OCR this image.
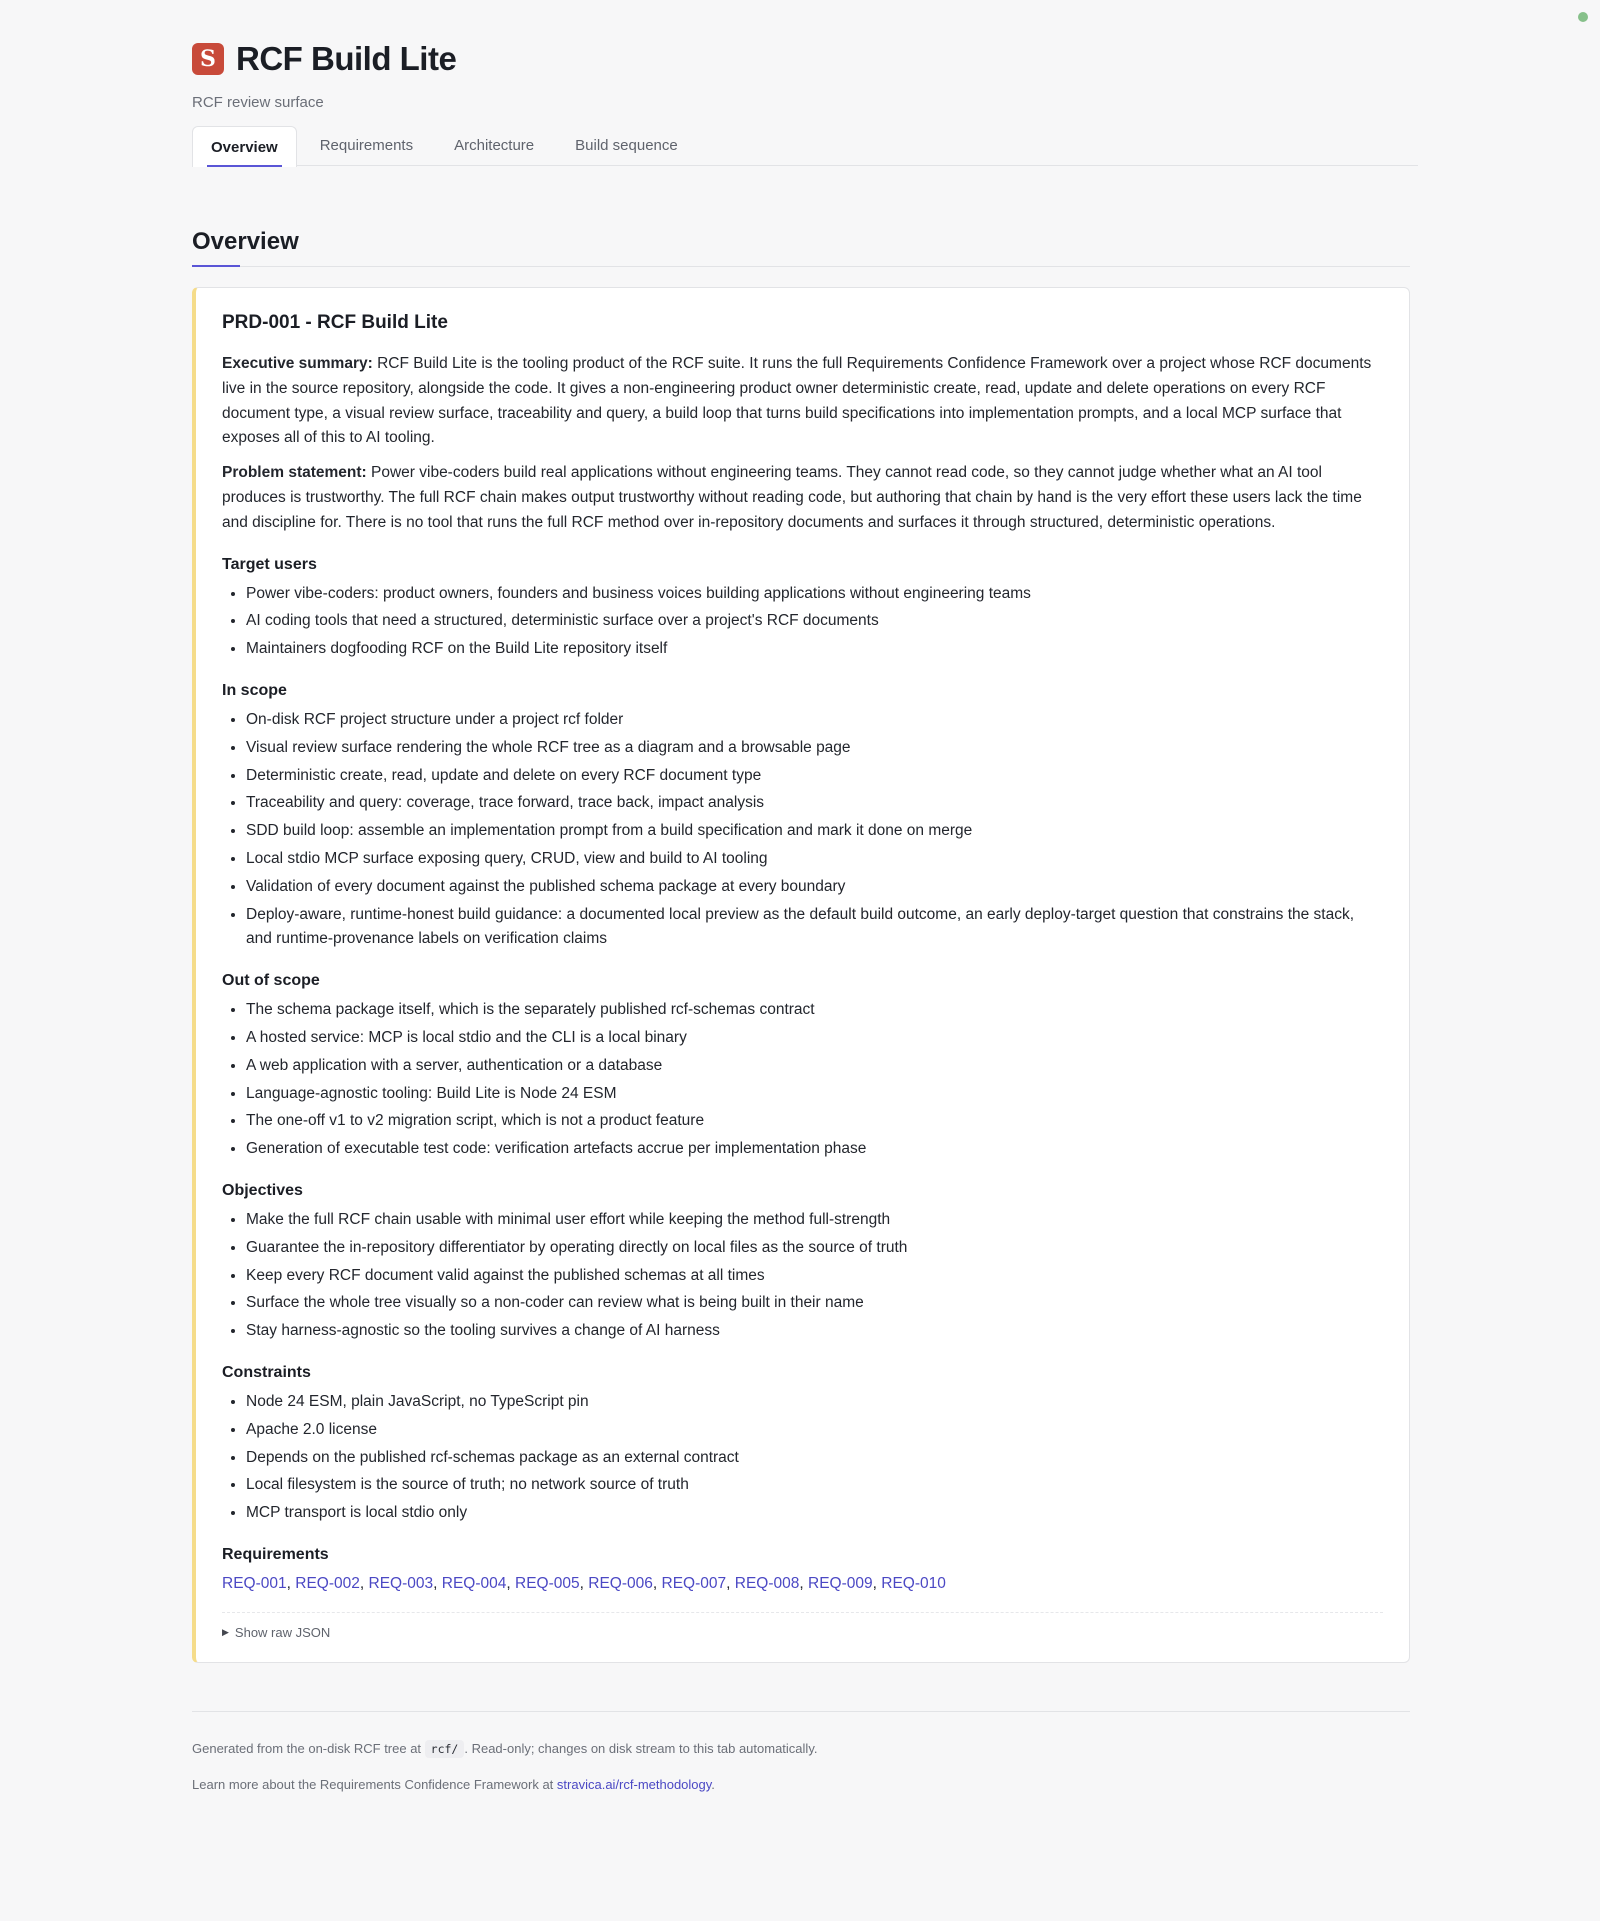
S RCF Build Lite
RCF review surface
Overview	Requirements	Architecture	Build sequence
Overview
PRD-001 - RCF Build Lite

Executive summary: RCF Build Lite is the tooling product of the RCF suite. It runs the full Requirements Confidence Framework over a project whose RCF documents live in the source repository, alongside the code. It gives a non-engineering product owner deterministic create, read, update and delete operations on every RCF document type, a visual review surface, traceability and query, a build loop that turns build specifications into implementation prompts, and a local MCP surface that exposes all of this to AI tooling.

Problem statement: Power vibe-coders build real applications without engineering teams. They cannot read code, so they cannot judge whether what an AI tool produces is trustworthy. The full RCF chain makes output trustworthy without reading code, but authoring that chain by hand is the very effort these users lack the time and discipline for. There is no tool that runs the full RCF method over in-repository documents and surfaces it through structured, deterministic operations.

Target users
• Power vibe-coders: product owners, founders and business voices building applications without engineering teams
• AI coding tools that need a structured, deterministic surface over a project's RCF documents
• Maintainers dogfooding RCF on the Build Lite repository itself
In scope
• On-disk RCF project structure under a project rcf folder
• Visual review surface rendering the whole RCF tree as a diagram and a browsable page
• Deterministic create, read, update and delete on every RCF document type
• Traceability and query: coverage, trace forward, trace back, impact analysis
• SDD build loop: assemble an implementation prompt from a build specification and mark it done on merge
• Local stdio MCP surface exposing query, CRUD, view and build to AI tooling
• Validation of every document against the published schema package at every boundary
• Deploy-aware, runtime-honest build guidance: a documented local preview as the default build outcome, an early deploy-target question that constrains the stack, and runtime-provenance labels on verification claims
Out of scope
• The schema package itself, which is the separately published rcf-schemas contract
• A hosted service: MCP is local stdio and the CLI is a local binary
• A web application with a server, authentication or a database
• Language-agnostic tooling: Build Lite is Node 24 ESM
• The one-off v1 to v2 migration script, which is not a product feature
• Generation of executable test code: verification artefacts accrue per implementation phase
Objectives
• Make the full RCF chain usable with minimal user effort while keeping the method full-strength
• Guarantee the in-repository differentiator by operating directly on local files as the source of truth
• Keep every RCF document valid against the published schemas at all times
• Surface the whole tree visually so a non-coder can review what is being built in their name
• Stay harness-agnostic so the tooling survives a change of AI harness
Constraints
• Node 24 ESM, plain JavaScript, no TypeScript pin
• Apache 2.0 license
• Depends on the published rcf-schemas package as an external contract
• Local filesystem is the source of truth; no network source of truth
• MCP transport is local stdio only
Requirements
REQ-001, REQ-002, REQ-003, REQ-004, REQ-005, REQ-006, REQ-007, REQ-008, REQ-009, REQ-010
▶ Show raw JSON

Generated from the on-disk RCF tree at rcf/ . Read-only; changes on disk stream to this tab automatically.

Learn more about the Requirements Confidence Framework at stravica.ai/rcf-methodology.
